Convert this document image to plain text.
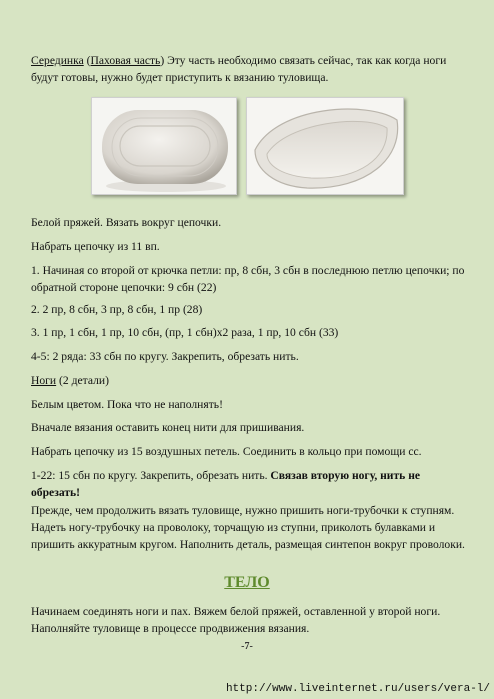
Серединка (Паховая часть) Эту часть необходимо связать сейчас, так как когда ноги будут готовы, нужно будет приступить к вязанию туловища.

Белой пряжей. Вязать вокруг цепочки.

Набрать цепочку из 11 вп.

1. Начиная со второй от крючка петли: пр, 8 сбн, 3 сбн в последнюю петлю цепочки; по обратной стороне цепочки: 9 сбн (22)

2. 2 пр, 8 сбн, 3 пр, 8 сбн, 1 пр (28)

3. 1 пр, 1 сбн, 1 пр, 10 сбн, (пр, 1 сбн)х2 раза, 1 пр, 10 сбн (33)

4-5: 2 ряда: 33 сбн по кругу. Закрепить, обрезать нить.

Ноги (2 детали)

Белым цветом. Пока что не наполнять!

Вначале вязания оставить конец нити для пришивания.

Набрать цепочку из 15 воздушных петель. Соединить в кольцо при помощи сс.

1-22: 15 сбн по кругу. Закрепить, обрезать нить. Связав вторую ногу, нить не обрезать!

Прежде, чем продолжить вязать туловище, нужно пришить ноги-трубочки к ступням. Надеть ногу-трубочку на проволоку, торчащую из ступни, приколоть булавками и пришить аккуратным кругом. Наполнить деталь, размещая синтепон вокруг проволоки.

ТЕЛО

Начинаем соединять ноги и пах. Вяжем белой пряжей, оставленной у второй ноги. Наполняйте туловище в процессе продвижения вязания.

-7-
http://www.liveinternet.ru/users/vera-l/
